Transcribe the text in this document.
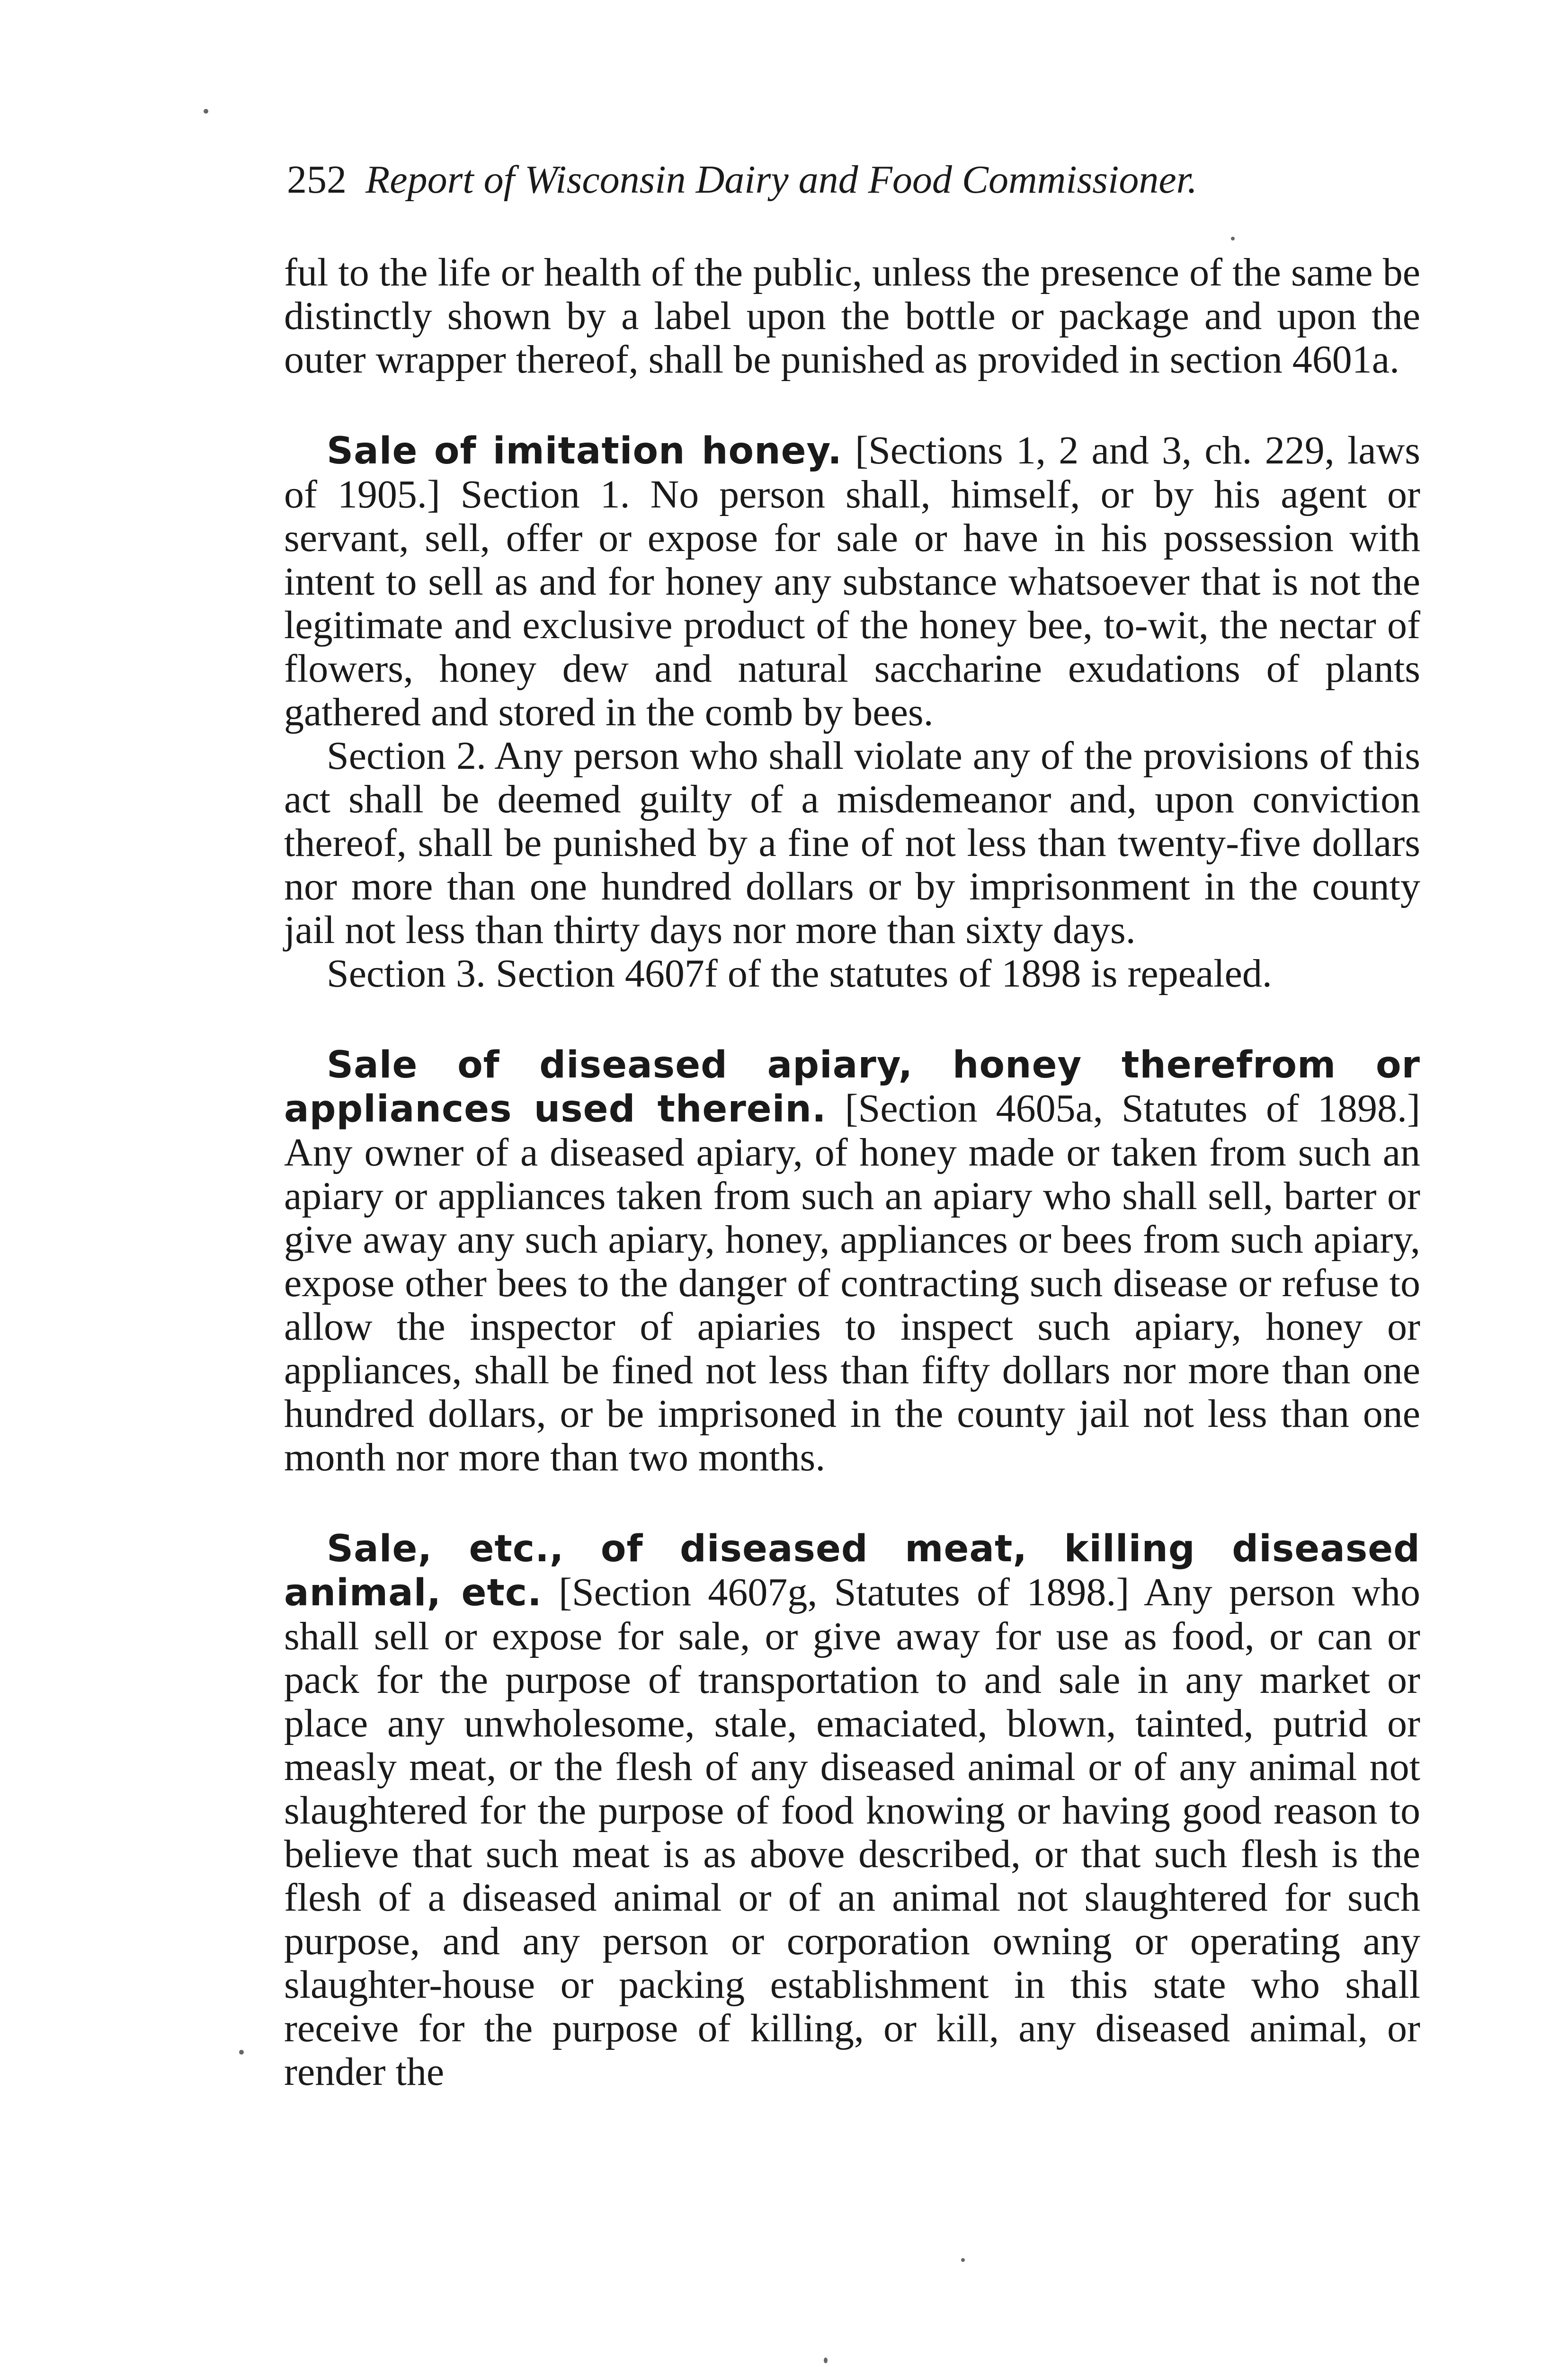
252 Report of Wisconsin Dairy and Food Commissioner.

ful to the life or health of the public, unless the presence of the same be distinctly shown by a label upon the bottle or package and upon the outer wrapper thereof, shall be punished as provided in section 4601a.

Sale of imitation honey. [Sections 1, 2 and 3, ch. 229, laws of 1905.] Section 1. No person shall, himself, or by his agent or servant, sell, offer or expose for sale or have in his possession with intent to sell as and for honey any substance whatsoever that is not the legitimate and exclusive product of the honey bee, to-wit, the nectar of flowers, honey dew and natural saccharine exudations of plants gathered and stored in the comb by bees.

Section 2. Any person who shall violate any of the provisions of this act shall be deemed guilty of a misdemeanor and, upon conviction thereof, shall be punished by a fine of not less than twenty-five dollars nor more than one hundred dollars or by imprisonment in the county jail not less than thirty days nor more than sixty days.

Section 3. Section 4607f of the statutes of 1898 is repealed.

Sale of diseased apiary, honey therefrom or appliances used therein. [Section 4605a, Statutes of 1898.] Any owner of a diseased apiary, of honey made or taken from such an apiary or appliances taken from such an apiary who shall sell, barter or give away any such apiary, honey, appliances or bees from such apiary, expose other bees to the danger of contracting such disease or refuse to allow the inspector of apiaries to inspect such apiary, honey or appliances, shall be fined not less than fifty dollars nor more than one hundred dollars, or be imprisoned in the county jail not less than one month nor more than two months.

Sale, etc., of diseased meat, killing diseased animal, etc. [Section 4607g, Statutes of 1898.] Any person who shall sell or expose for sale, or give away for use as food, or can or pack for the purpose of transportation to and sale in any market or place any unwholesome, stale, emaciated, blown, tainted, putrid or measly meat, or the flesh of any diseased animal or of any animal not slaughtered for the purpose of food knowing or having good reason to believe that such meat is as above described, or that such flesh is the flesh of a diseased animal or of an animal not slaughtered for such purpose, and any person or corporation owning or operating any slaughter-house or packing establishment in this state who shall receive for the purpose of killing, or kill, any diseased animal, or render the
